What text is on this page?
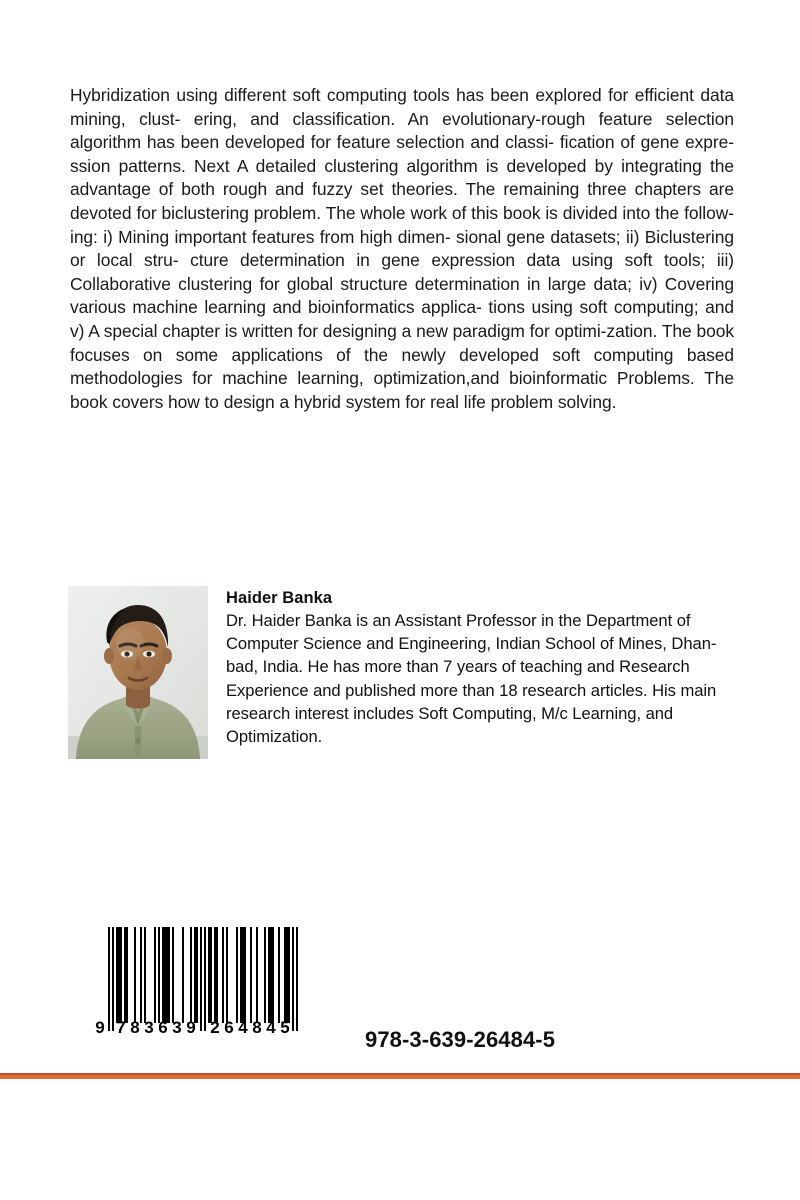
Hybridization using different soft computing tools has been explored for efficient data mining, clust- ering, and classification. An evolutionary-rough feature selection algorithm has been developed for feature selection and classi- fication of gene expre- ssion patterns. Next A detailed clustering algorithm is developed by integrating the advantage of both rough and fuzzy set theories. The remaining three chapters are devoted for biclustering problem. The whole work of this book is divided into the follow- ing: i) Mining important features from high dimen- sional gene datasets; ii) Biclustering or local stru- cture determination in gene expression data using soft tools; iii) Collaborative clustering for global structure determination in large data; iv) Covering various machine learning and bioinformatics applica- tions using soft computing; and v) A special chapter is written for designing a new paradigm for optimi-zation. The book focuses on some applications of the newly developed soft computing based methodologies for machine learning, optimization,and bioinformatic Problems. The book covers how to design a hybrid system for real life problem solving.
Haider Banka
Dr. Haider Banka is an Assistant Professor in the Department of Computer Science and Engineering, Indian School of Mines, Dhan- bad, India. He has more than 7 years of teaching and Research Experience and published more than 18 research articles. His main research interest includes Soft Computing, M/c Learning, and Optimization.
9 7 8 3 6 3 9 2 6 4 8 4 5	978-3-639-26484-5
